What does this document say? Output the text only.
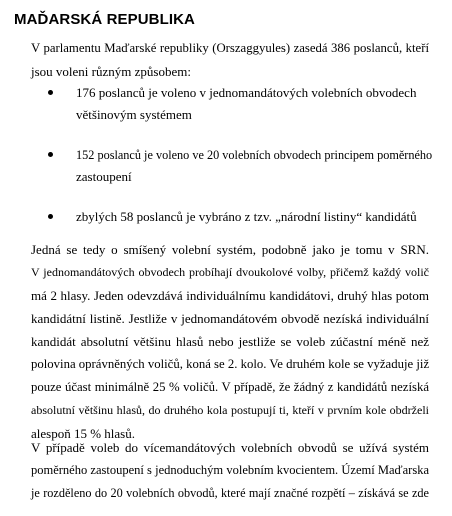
MAĎARSKÁ REPUBLIKA
V parlamentu Maďarské republiky (Orszaggyules) zasedá 386 poslanců, kteří
jsou voleni různým způsobem:
176 poslanců je voleno v jednomandátových volebních obvodech
většinovým systémem
152 poslanců je voleno ve 20 volebních obvodech principem poměrného
zastoupení
zbylých 58 poslanců je vybráno z tzv. „národní listiny“ kandidátů
Jedná se tedy o smíšený volební systém, podobně jako je tomu v SRN.
V jednomandátových obvodech probíhají dvoukolové volby, přičemž každý volič
má 2 hlasy. Jeden odevzdává individuálnímu kandidátovi, druhý hlas potom
kandidátní listině. Jestliže v jednomandátovém obvodě nezíská individuální
kandidát absolutní většinu hlasů nebo jestliže se voleb zúčastní méně než
polovina oprávněných voličů, koná se 2. kolo. Ve druhém kole se vyžaduje již
pouze účast minimálně 25 % voličů. V případě, že žádný z kandidátů nezíská
absolutní většinu hlasů, do druhého kola postupují ti, kteří v prvním kole obdrželi
alespoň 15 % hlasů.
V případě voleb do vícemandátových volebních obvodů se užívá systém
poměrného zastoupení s jednoduchým volebním kvocientem. Území Maďarska
je rozděleno do 20 volebních obvodů, které mají značné rozpětí – získává se zde
